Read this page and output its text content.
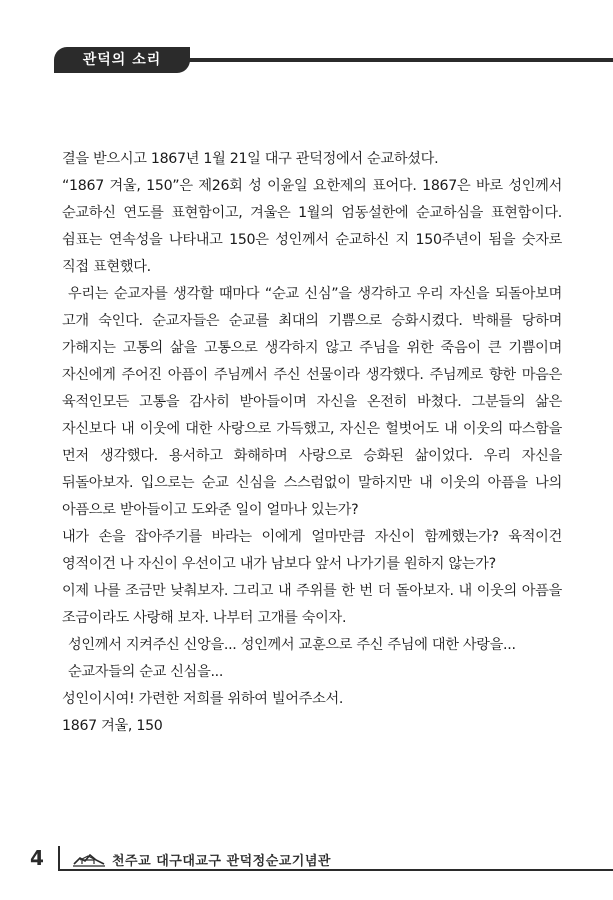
관덕의 소리

결을 받으시고 1867년 1월 21일 대구 관덕정에서 순교하셨다.

“1867 겨울, 150”은 제26회 성 이윤일 요한제의 표어다. 1867은 바로 성인께서 순교하신 연도를 표현함이고, 겨울은 1월의 엄동설한에 순교하심을 표현함이다. 쉼표는 연속성을 나타내고 150은 성인께서 순교하신 지 150주년이 됨을 숫자로 직접 표현했다.

우리는 순교자를 생각할 때마다 “순교 신심”을 생각하고 우리 자신을 되돌아보며 고개 숙인다. 순교자들은 순교를 최대의 기쁨으로 승화시켰다. 박해를 당하며 가해지는 고통의 삶을 고통으로 생각하지 않고 주님을 위한 죽음이 큰 기쁨이며 자신에게 주어진 아픔이 주님께서 주신 선물이라 생각했다. 주님께로 향한 마음은 육적인모든 고통을 감사히 받아들이며 자신을 온전히 바쳤다. 그분들의 삶은 자신보다 내 이웃에 대한 사랑으로 가득했고, 자신은 헐벗어도 내 이웃의 따스함을 먼저 생각했다. 용서하고 화해하며 사랑으로 승화된 삶이었다. 우리 자신을 뒤돌아보자. 입으로는 순교 신심을 스스럼없이 말하지만 내 이웃의 아픔을 나의 아픔으로 받아들이고 도와준 일이 얼마나 있는가?

내가 손을 잡아주기를 바라는 이에게 얼마만큼 자신이 함께했는가? 육적이건 영적이건 나 자신이 우선이고 내가 남보다 앞서 나가기를 원하지 않는가?

이제 나를 조금만 낮춰보자. 그리고 내 주위를 한 번 더 돌아보자. 내 이웃의 아픔을 조금이라도 사랑해 보자. 나부터 고개를 숙이자.

성인께서 지켜주신 신앙을... 성인께서 교훈으로 주신 주님에 대한 사랑을...

순교자들의 순교 신심을...

성인이시여! 가련한 저희를 위하여 빌어주소서.

1867 겨울, 150

4	천주교 대구대교구 관덕정순교기념관
